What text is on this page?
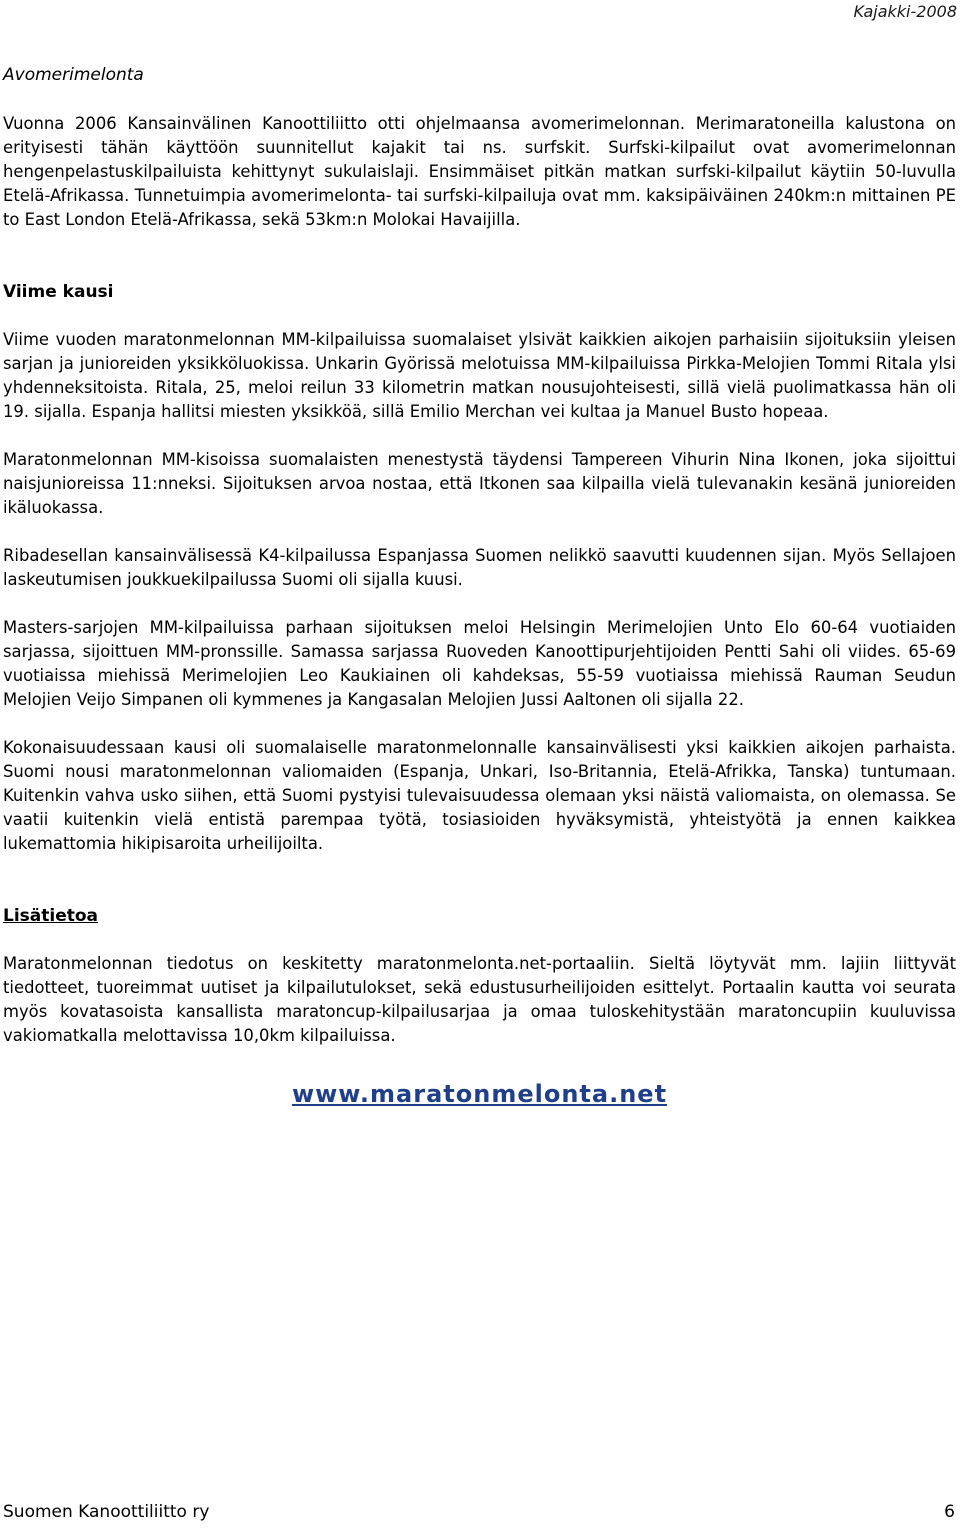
Kajakki-2008
Avomerimelonta

Vuonna 2006 Kansainvälinen Kanoottiliitto otti ohjelmaansa avomerimelonnan. Merimaratoneilla kalustona on erityisesti tähän käyttöön suunnitellut kajakit tai ns. surfskit. Surfski-kilpailut ovat avomerimelonnan hengenpelastuskilpailuista kehittynyt sukulaislaji. Ensimmäiset pitkän matkan surfski-kilpailut käytiin 50-luvulla Etelä-Afrikassa. Tunnetuimpia avomerimelonta- tai surfski-kilpailuja ovat mm. kaksipäiväinen 240km:n mittainen PE to East London Etelä-Afrikassa, sekä 53km:n Molokai Havaijilla.

Viime kausi

Viime vuoden maratonmelonnan MM-kilpailuissa suomalaiset ylsivät kaikkien aikojen parhaisiin sijoituksiin yleisen sarjan ja junioreiden yksikköluokissa. Unkarin Györissä melotuissa MM-kilpailuissa Pirkka-Melojien Tommi Ritala ylsi yhdenneksitoista. Ritala, 25, meloi reilun 33 kilometrin matkan nousujohteisesti, sillä vielä puolimatkassa hän oli 19. sijalla. Espanja hallitsi miesten yksikköä, sillä Emilio Merchan vei kultaa ja Manuel Busto hopeaa.

Maratonmelonnan MM-kisoissa suomalaisten menestystä täydensi Tampereen Vihurin Nina Ikonen, joka sijoittui naisjunioreissa 11:nneksi. Sijoituksen arvoa nostaa, että Itkonen saa kilpailla vielä tulevanakin kesänä junioreiden ikäluokassa.

Ribadesellan kansainvälisessä K4-kilpailussa Espanjassa Suomen nelikkö saavutti kuudennen sijan. Myös Sellajoen laskeutumisen joukkuekilpailussa Suomi oli sijalla kuusi.

Masters-sarjojen MM-kilpailuissa parhaan sijoituksen meloi Helsingin Merimelojien Unto Elo 60-64 vuotiaiden sarjassa, sijoittuen MM-pronssille. Samassa sarjassa Ruoveden Kanoottipurjehtijoiden Pentti Sahi oli viides. 65-69 vuotiaissa miehissä Merimelojien Leo Kaukiainen oli kahdeksas, 55-59 vuotiaissa miehissä Rauman Seudun Melojien Veijo Simpanen oli kymmenes ja Kangasalan Melojien Jussi Aaltonen oli sijalla 22.

Kokonaisuudessaan kausi oli suomalaiselle maratonmelonnalle kansainvälisesti yksi kaikkien aikojen parhaista. Suomi nousi maratonmelonnan valiomaiden (Espanja, Unkari, Iso-Britannia, Etelä-Afrikka, Tanska) tuntumaan. Kuitenkin vahva usko siihen, että Suomi pystyisi tulevaisuudessa olemaan yksi näistä valiomaista, on olemassa. Se vaatii kuitenkin vielä entistä parempaa työtä, tosiasioiden hyväksymistä, yhteistyötä ja ennen kaikkea lukemattomia hikipisaroita urheilijoilta.

Lisätietoa

Maratonmelonnan tiedotus on keskitetty maratonmelonta.net-portaaliin. Sieltä löytyvät mm. lajiin liittyvät tiedotteet, tuoreimmat uutiset ja kilpailutulokset, sekä edustusurheilijoiden esittelyt. Portaalin kautta voi seurata myös kovatasoista kansallista maratoncup-kilpailusarjaa ja omaa tuloskehitystään maratoncupiin kuuluvissa vakiomatkalla melottavissa 10,0km kilpailuissa.

www.maratonmelonta.net
Suomen Kanoottiliitto ry	6
